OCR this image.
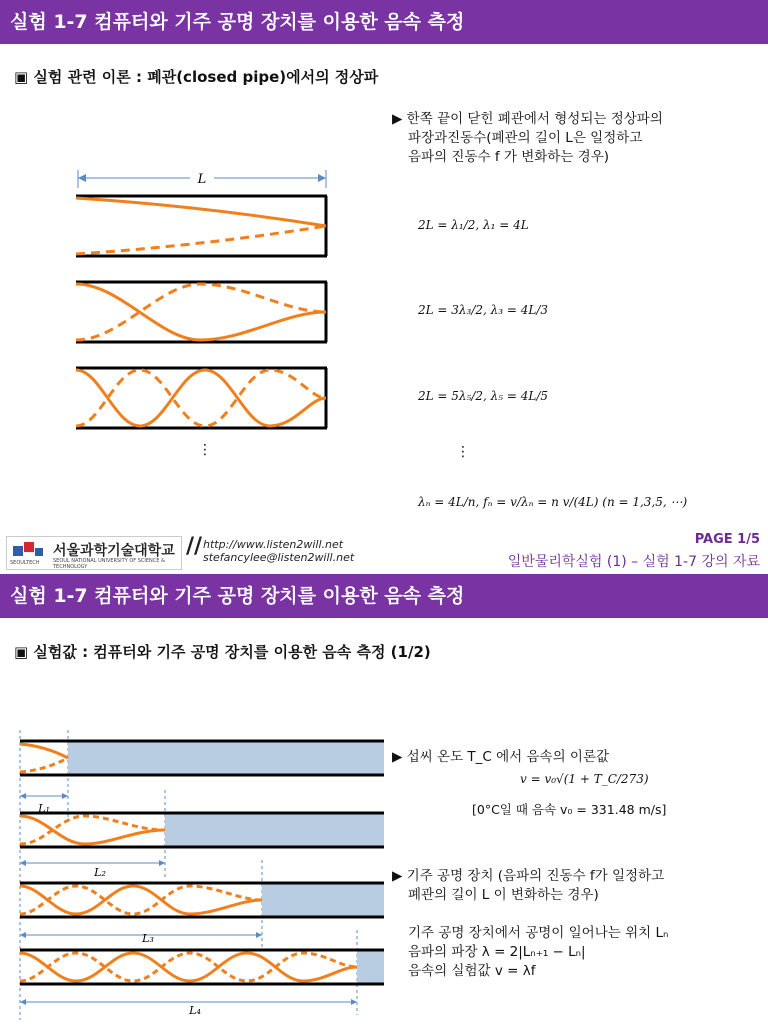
실험 1-7 컴퓨터와 기주 공명 장치를 이용한 음속 측정
▣ 실험 관련 이론 : 폐관(closed pipe)에서의 정상파
L
⋮
▶ 한쪽 끝이 닫힌 폐관에서 형성되는 정상파의
파장과진동수(폐관의 길이 L은 일정하고
음파의 진동수 f 가 변화하는 경우)
2L = λ₁/2, λ₁ = 4L
2L = 3λ₃/2, λ₃ = 4L/3
2L = 5λ₅/2, λ₅ = 4L/5
⋮
λₙ = 4L/n, fₙ = v/λₙ = n v/(4L) (n = 1,3,5, ⋯)
서울과학기술대학교
SEOULTECH	SEOUL NATIONAL UNIVERSITY OF SCIENCE & TECHNOLOGY
// http://www.listen2will.net
stefancylee@listen2will.net
PAGE 1/5
일반물리학실험 (1) – 실험 1-7 강의 자료
실험 1-7 컴퓨터와 기주 공명 장치를 이용한 음속 측정
▣ 실험값 : 컴퓨터와 기주 공명 장치를 이용한 음속 측정 (1/2)
L₁
L₂
L₃
L₄
▶ 섭씨 온도 T_C 에서 음속의 이론값
v = v₀√(1 + T_C/273)
[0°C일 때 음속 v₀ = 331.48 m/s]
▶ 기주 공명 장치 (음파의 진동수 f가 일정하고
폐관의 길이 L 이 변화하는 경우)
기주 공명 장치에서 공명이 일어나는 위치 Lₙ
음파의 파장 λ = 2|Lₙ₊₁ − Lₙ|
음속의 실험값 v = λf
